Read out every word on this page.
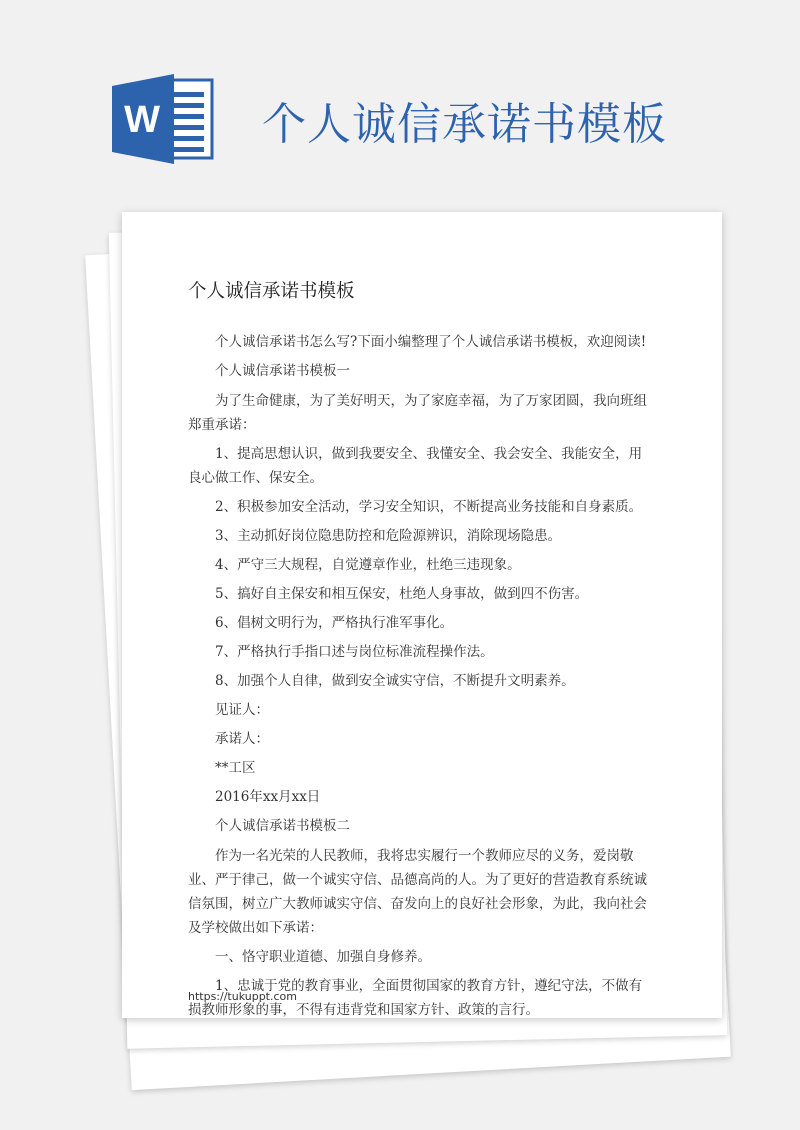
W 个人诚信承诺书模板
个人诚信承诺书模板

个人诚信承诺书怎么写?下面小编整理了个人诚信承诺书模板，欢迎阅读!

个人诚信承诺书模板一

为了生命健康，为了美好明天，为了家庭幸福，为了万家团圆，我向班组郑重承诺：

1、提高思想认识，做到我要安全、我懂安全、我会安全、我能安全，用良心做工作、保安全。

2、积极参加安全活动，学习安全知识，不断提高业务技能和自身素质。

3、主动抓好岗位隐患防控和危险源辨识，消除现场隐患。

4、严守三大规程，自觉遵章作业，杜绝三违现象。

5、搞好自主保安和相互保安，杜绝人身事故，做到四不伤害。

6、倡树文明行为，严格执行准军事化。

7、严格执行手指口述与岗位标准流程操作法。

8、加强个人自律，做到安全诚实守信，不断提升文明素养。

见证人：

承诺人：

**工区

2016年xx月xx日

个人诚信承诺书模板二

作为一名光荣的人民教师，我将忠实履行一个教师应尽的义务，爱岗敬业、严于律己，做一个诚实守信、品德高尚的人。为了更好的营造教育系统诚信氛围，树立广大教师诚实守信、奋发向上的良好社会形象，为此，我向社会及学校做出如下承诺：

一、恪守职业道德、加强自身修养。

1、忠诚于党的教育事业，全面贯彻国家的教育方针，遵纪守法，不做有损教师形象的事，不得有违背党和国家方针、政策的言行。

https://tukuppt.com
